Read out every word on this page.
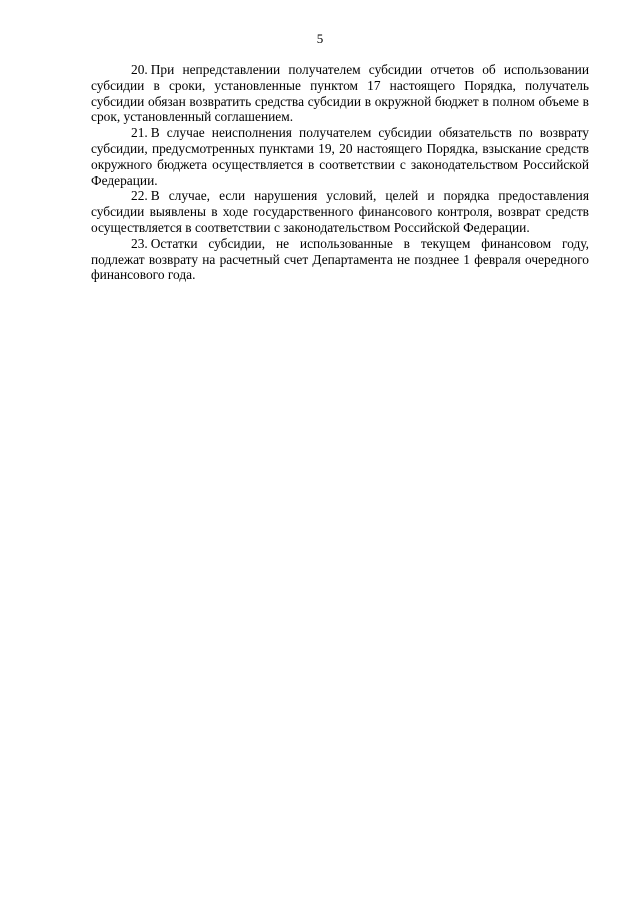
5

20. При непредставлении получателем субсидии отчетов об использовании субсидии в сроки, установленные пунктом 17 настоящего Порядка, получатель субсидии обязан возвратить средства субсидии в окружной бюджет в полном объеме в срок, установленный соглашением.

21. В случае неисполнения получателем субсидии обязательств по возврату субсидии, предусмотренных пунктами 19, 20 настоящего Порядка, взыскание средств окружного бюджета осуществляется в соответствии с законодательством Российской Федерации.

22. В случае, если нарушения условий, целей и порядка предоставления субсидии выявлены в ходе государственного финансового контроля, возврат средств осуществляется в соответствии с законодательством Российской Федерации.

23. Остатки субсидии, не использованные в текущем финансовом году, подлежат возврату на расчетный счет Департамента не позднее 1 февраля очередного финансового года.
